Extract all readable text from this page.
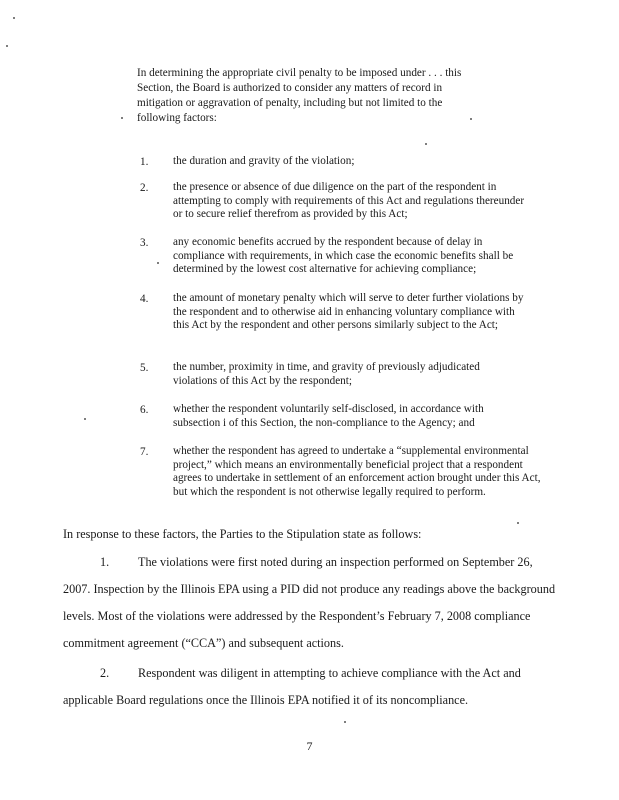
In determining the appropriate civil penalty to be imposed under . . . this Section, the Board is authorized to consider any matters of record in mitigation or aggravation of penalty, including but not limited to the following factors:

1. the duration and gravity of the violation;

2. the presence or absence of due diligence on the part of the respondent in attempting to comply with requirements of this Act and regulations thereunder or to secure relief therefrom as provided by this Act;

3. any economic benefits accrued by the respondent because of delay in compliance with requirements, in which case the economic benefits shall be determined by the lowest cost alternative for achieving compliance;

4. the amount of monetary penalty which will serve to deter further violations by the respondent and to otherwise aid in enhancing voluntary compliance with this Act by the respondent and other persons similarly subject to the Act;

5. the number, proximity in time, and gravity of previously adjudicated violations of this Act by the respondent;

6. whether the respondent voluntarily self-disclosed, in accordance with subsection i of this Section, the non-compliance to the Agency; and

7. whether the respondent has agreed to undertake a “supplemental environmental project,” which means an environmentally beneficial project that a respondent agrees to undertake in settlement of an enforcement action brought under this Act, but which the respondent is not otherwise legally required to perform.

In response to these factors, the Parties to the Stipulation state as follows:

1. The violations were first noted during an inspection performed on September 26, 2007. Inspection by the Illinois EPA using a PID did not produce any readings above the background levels. Most of the violations were addressed by the Respondent’s February 7, 2008 compliance commitment agreement (“CCA”) and subsequent actions.

2. Respondent was diligent in attempting to achieve compliance with the Act and applicable Board regulations once the Illinois EPA notified it of its noncompliance.

7
